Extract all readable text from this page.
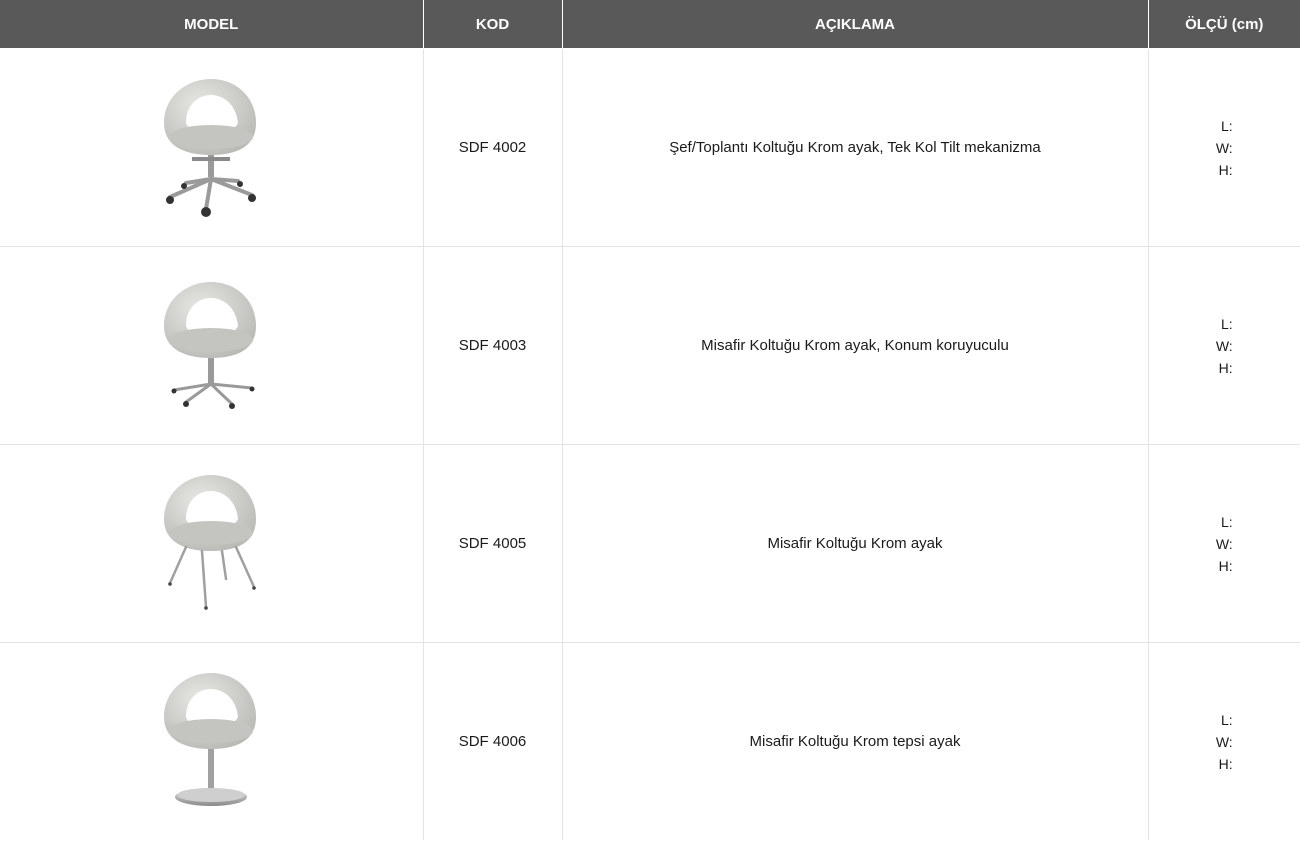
MODEL	KOD	AÇIKLAMA	ÖLÇÜ (cm)

	SDF 4002	Şef/Toplantı Koltuğu Krom ayak, Tek Kol Tilt mekanizma	L:
W:
H:

	SDF 4003	Misafir Koltuğu Krom ayak, Konum koruyuculu	L:
W:
H:

	SDF 4005	Misafir Koltuğu Krom ayak	L:
W:
H:

	SDF 4006	Misafir Koltuğu Krom tepsi ayak	L:
W:
H:
